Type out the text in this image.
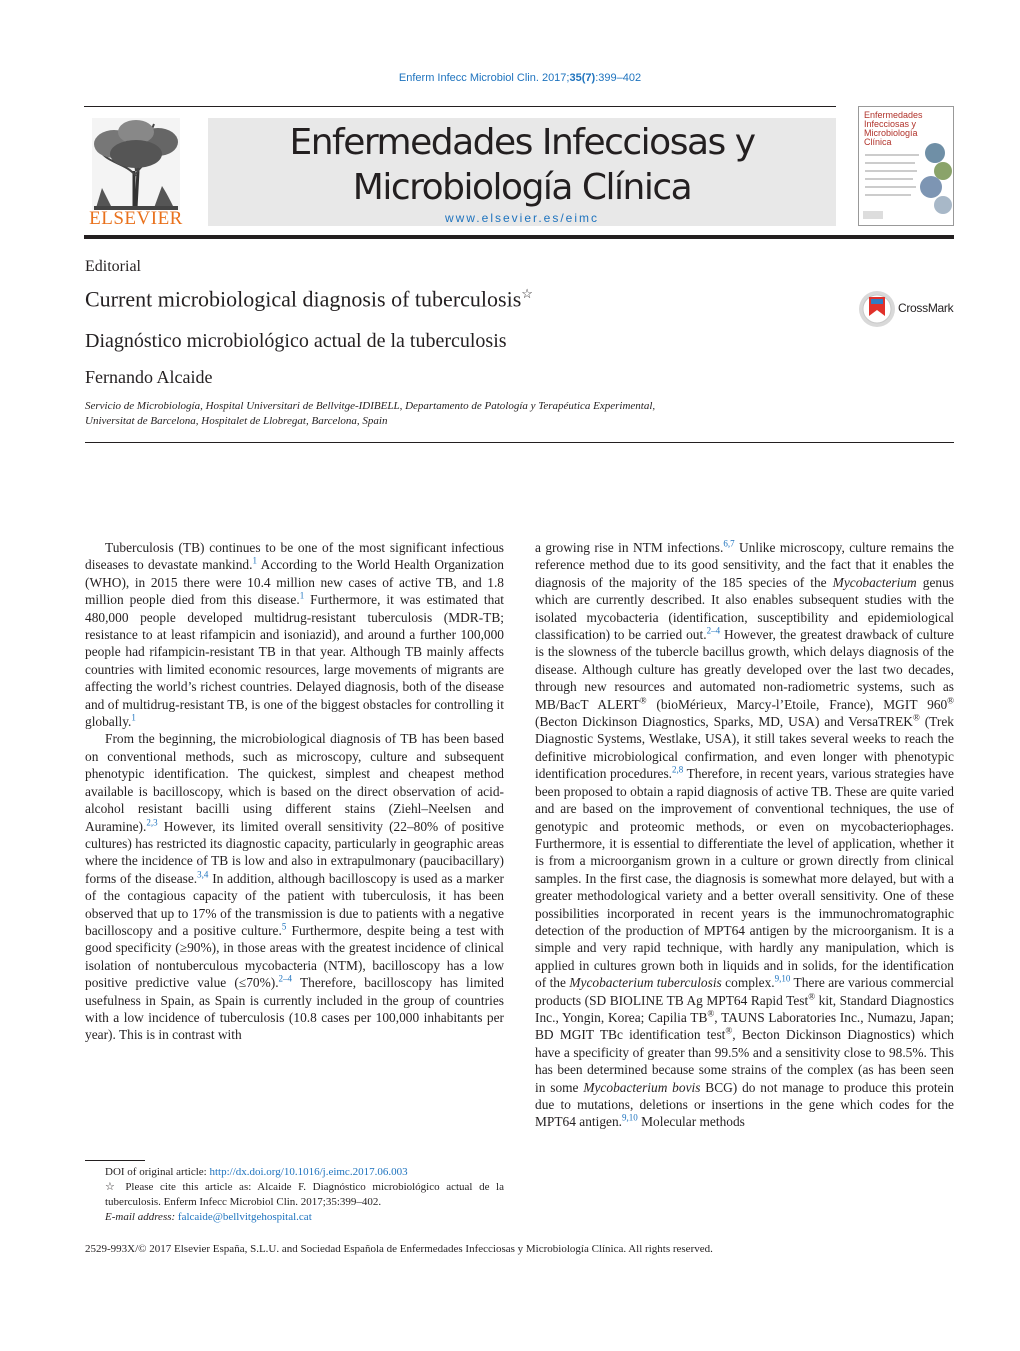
Enferm Infecc Microbiol Clin. 2017;35(7):399–402
ELSEVIER
Enfermedades Infecciosas y
Microbiología Clínica
www.elsevier.es/eimc
Enfermedades
Infecciosas y
Microbiología
Clínica
Editorial
Current microbiological diagnosis of tuberculosis☆
CrossMark
Diagnóstico microbiológico actual de la tuberculosis
Fernando Alcaide
Servicio de Microbiología, Hospital Universitari de Bellvitge-IDIBELL, Departamento de Patología y Terapéutica Experimental,
Universitat de Barcelona, Hospitalet de Llobregat, Barcelona, Spain

Tuberculosis (TB) continues to be one of the most significant infectious diseases to devastate mankind.$^1$ According to the World Health Organization (WHO), in 2015 there were 10.4 million new cases of active TB, and 1.8 million people died from this disease.$^1$ Furthermore, it was estimated that 480,000 people developed multidrug-resistant tuberculosis (MDR-TB; resistance to at least rifampicin and isoniazid), and around a further 100,000 people had rifampicin-resistant TB in that year. Although TB mainly affects countries with limited economic resources, large movements of migrants are affecting the world’s richest countries. Delayed diagnosis, both of the disease and of multidrug-resistant TB, is one of the biggest obstacles for controlling it globally.$^1$

From the beginning, the microbiological diagnosis of TB has been based on conventional methods, such as microscopy, culture and subsequent phenotypic identification. The quickest, simplest and cheapest method available is bacilloscopy, which is based on the direct observation of acid-alcohol resistant bacilli using different stains (Ziehl–Neelsen and Auramine).$^{2,3}$ However, its limited overall sensitivity (22–80% of positive cultures) has restricted its diagnostic capacity, particularly in geographic areas where the incidence of TB is low and also in extrapulmonary (paucibacillary) forms of the disease.$^{3,4}$ In addition, although bacilloscopy is used as a marker of the contagious capacity of the patient with tuberculosis, it has been observed that up to 17% of the transmission is due to patients with a negative bacilloscopy and a positive culture.$^5$ Furthermore, despite being a test with good specificity (≥90%), in those areas with the greatest incidence of clinical isolation of nontuberculous mycobacteria (NTM), bacilloscopy has a low positive predictive value (≤70%).$^{2-4}$ Therefore, bacilloscopy has limited usefulness in Spain, as Spain is currently included in the group of countries with a low incidence of tuberculosis (10.8 cases per 100,000 inhabitants per year). This is in contrast with

a growing rise in NTM infections.$^{6,7}$ Unlike microscopy, culture remains the reference method due to its good sensitivity, and the fact that it enables the diagnosis of the majority of the 185 species of the Mycobacterium genus which are currently described. It also enables subsequent studies with the isolated mycobacteria (identification, susceptibility and epidemiological classification) to be carried out.$^{2-4}$ However, the greatest drawback of culture is the slowness of the tubercle bacillus growth, which delays diagnosis of the disease. Although culture has greatly developed over the last two decades, through new resources and automated non-radiometric systems, such as MB/BacT ALERT® (bioMérieux, Marcy-l’Etoile, France), MGIT 960® (Becton Dickinson Diagnostics, Sparks, MD, USA) and VersaTREK® (Trek Diagnostic Systems, Westlake, USA), it still takes several weeks to reach the definitive microbiological confirmation, and even longer with phenotypic identification procedures.$^{2,8}$ Therefore, in recent years, various strategies have been proposed to obtain a rapid diagnosis of active TB. These are quite varied and are based on the improvement of conventional techniques, the use of genotypic and proteomic methods, or even on mycobacteriophages. Furthermore, it is essential to differentiate the level of application, whether it is from a microorganism grown in a culture or grown directly from clinical samples. In the first case, the diagnosis is somewhat more delayed, but with a greater methodological variety and a better overall sensitivity. One of these possibilities incorporated in recent years is the immunochromatographic detection of the production of MPT64 antigen by the microorganism. It is a simple and very rapid technique, with hardly any manipulation, which is applied in cultures grown both in liquids and in solids, for the identification of the Mycobacterium tuberculosis complex.$^{9,10}$ There are various commercial products (SD BIOLINE TB Ag MPT64 Rapid Test® kit, Standard Diagnostics Inc., Yongin, Korea; Capilia TB®, TAUNS Laboratories Inc., Numazu, Japan; BD MGIT TBc identification test®, Becton Dickinson Diagnostics) which have a specificity of greater than 99.5% and a sensitivity close to 98.5%. This has been determined because some strains of the complex (as has been seen in some Mycobacterium bovis BCG) do not manage to produce this protein due to mutations, deletions or insertions in the gene which codes for the MPT64 antigen.$^{9,10}$ Molecular methods

DOI of original article: http://dx.doi.org/10.1016/j.eimc.2017.06.003

☆ Please cite this article as: Alcaide F. Diagnóstico microbiológico actual de la tuberculosis. Enferm Infecc Microbiol Clin. 2017;35:399–402.

E-mail address: falcaide@bellvitgehospital.cat

2529-993X/© 2017 Elsevier España, S.L.U. and Sociedad Española de Enfermedades Infecciosas y Microbiología Clínica. All rights reserved.
